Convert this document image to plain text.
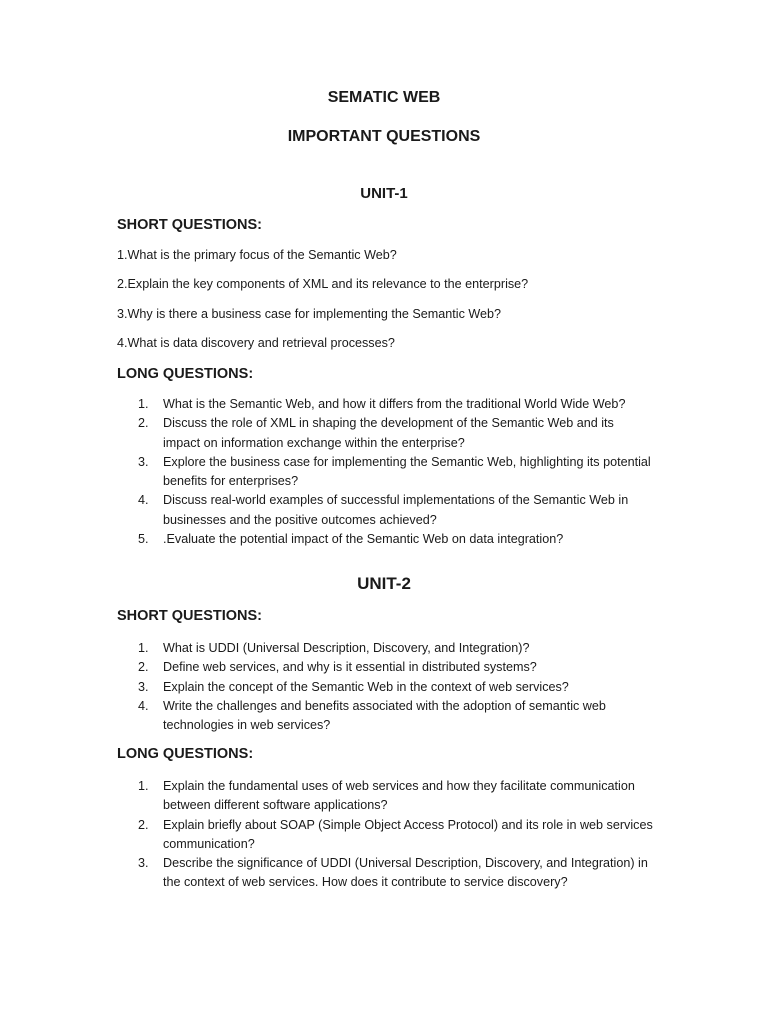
SEMATIC WEB
IMPORTANT QUESTIONS
UNIT-1
SHORT QUESTIONS:

1.What is the primary focus of the Semantic Web?

2.Explain the key components of XML and its relevance to the enterprise?

3.Why is there a business case for implementing the Semantic Web?

4.What is data discovery and retrieval processes?

LONG QUESTIONS:
1. What is the Semantic Web, and how it differs from the traditional World Wide Web?
2. Discuss the role of XML in shaping the development of the Semantic Web and its impact on information exchange within the enterprise?
3. Explore the business case for implementing the Semantic Web, highlighting its potential benefits for enterprises?
4. Discuss real-world examples of successful implementations of the Semantic Web in businesses and the positive outcomes achieved?
5. .Evaluate the potential impact of the Semantic Web on data integration?
UNIT-2
SHORT QUESTIONS:
1. What is UDDI (Universal Description, Discovery, and Integration)?
2. Define web services, and why is it essential in distributed systems?
3. Explain the concept of the Semantic Web in the context of web services?
4. Write the challenges and benefits associated with the adoption of semantic web technologies in web services?
LONG QUESTIONS:
1. Explain the fundamental uses of web services and how they facilitate communication between different software applications?
2. Explain briefly about SOAP (Simple Object Access Protocol) and its role in web services communication?
3. Describe the significance of UDDI (Universal Description, Discovery, and Integration) in the context of web services. How does it contribute to service discovery?
